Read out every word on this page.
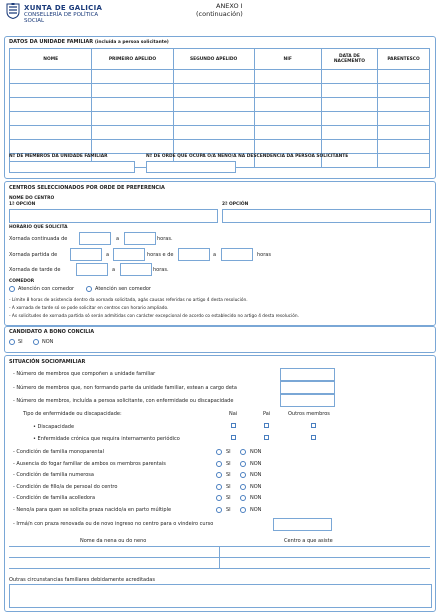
XUNTA DE GALICIA
CONSELLERÍA DE POLÍTICA
SOCIAL
ANEXO I
(continuación)
DATOS DA UNIDADE FAMILIAR (incluída a persoa solicitante)
NOME	PRIMEIRO APELIDO	SEGUNDO APELIDO	NIF	DATA DE NACEMENTO	PARENTESCO

Nº DE MEMBROS DA UNIDADE FAMILIAR	Nº DE ORDE QUE OCUPA O/A NENO/A NA DESCENDENCIA DA PERSOA SOLICITANTE
CENTROS SELECCIONADOS POR ORDE DE PREFERENCIA
NOME DO CENTRO
1ª OPCIÓN	2ª OPCIÓN
HORARIO QUE SOLICITA
Xornada continuada de	a	horas.
Xornada partida de	a	horas e de	a	horas
Xornada de tarde de	a	horas.
COMEDOR
Atención con comedor	Atención sen comedor
- Límite 8 horas de asistencia dentro da xornada solicitada, agás causas referidas no artigo 4 desta resolución.
- A xornada de tarde só se pode solicitar en centros con horario ampliado.
- As solicitudes de xornada partida só serán admitidas con carácter excepcional de acordo co establecido no artigo 4 desta resolución.
CANDIDATO A BONO CONCILIA
SI	NON
SITUACIÓN SOCIOFAMILIAR
- Número de membros que compoñen a unidade familiar
- Número de membros que, non formando parte da unidade familiar, estean a cargo deta
- Número de membros, incluída a persoa solicitante, con enfermidade ou discapacidade
Tipo de enfermidade ou discapacidade:	Nai	Pai	Outros membros
• Discapacidade
• Enfermidade crónica que requira internamento periódico
- Condición de familia monoparental	SI	NON
- Ausencia do fogar familiar de ambos os membros parentais	SI	NON
- Condición de familia numerosa	SI	NON
- Condición de fillo/a de persoal do centro	SI	NON
- Condición de familia acolledora	SI	NON
- Neno/a para quen se solicita praza nacido/a en parto múltiple	SI	NON
- Irmá/n con praza renovada ou de novo ingreso no centro para o vindeiro curso
Nome da nena ou do neno	Centro a que asiste
Outras circunstancias familiares debidamente acreditadas
